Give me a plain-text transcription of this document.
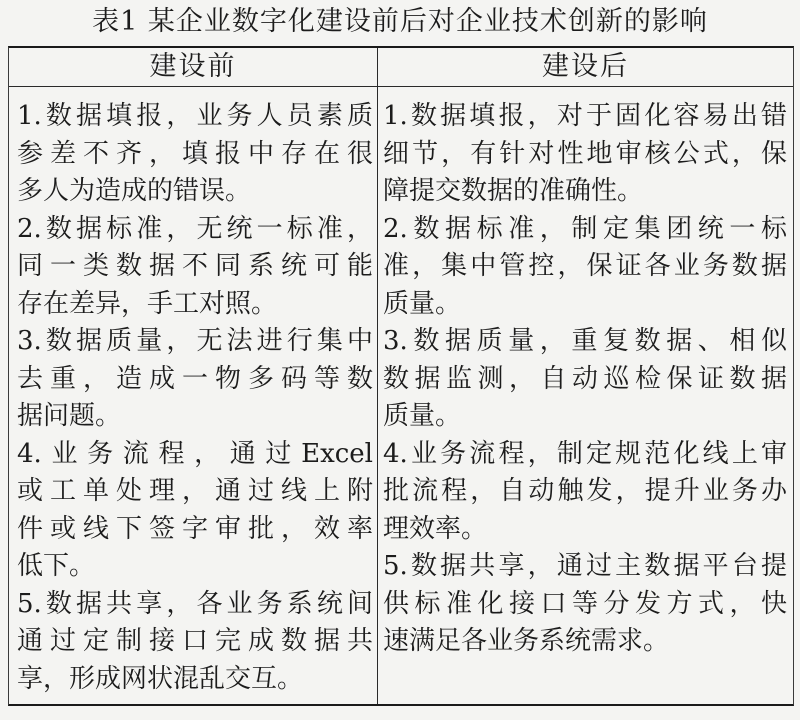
表1 某企业数字化建设前后对企业技术创新的影响
建设前	建设后
1.数据填报，业务人员素质
参差不齐，填报中存在很
多人为造成的错误。
2.数据标准，无统一标准，
同一类数据不同系统可能
存在差异，手工对照。
3.数据质量，无法进行集中
去重，造成一物多码等数
据问题。
4.业务流程，通过Excel
或工单处理，通过线上附
件或线下签字审批，效率
低下。
5.数据共享，各业务系统间
通过定制接口完成数据共
享，形成网状混乱交互。
1.数据填报，对于固化容易出错
细节，有针对性地审核公式，保
障提交数据的准确性。
2.数据标准，制定集团统一标
准，集中管控，保证各业务数据
质量。
3.数据质量，重复数据、相似
数据监测，自动巡检保证数据
质量。
4.业务流程，制定规范化线上审
批流程，自动触发，提升业务办
理效率。
5.数据共享，通过主数据平台提
供标准化接口等分发方式，快
速满足各业务系统需求。
